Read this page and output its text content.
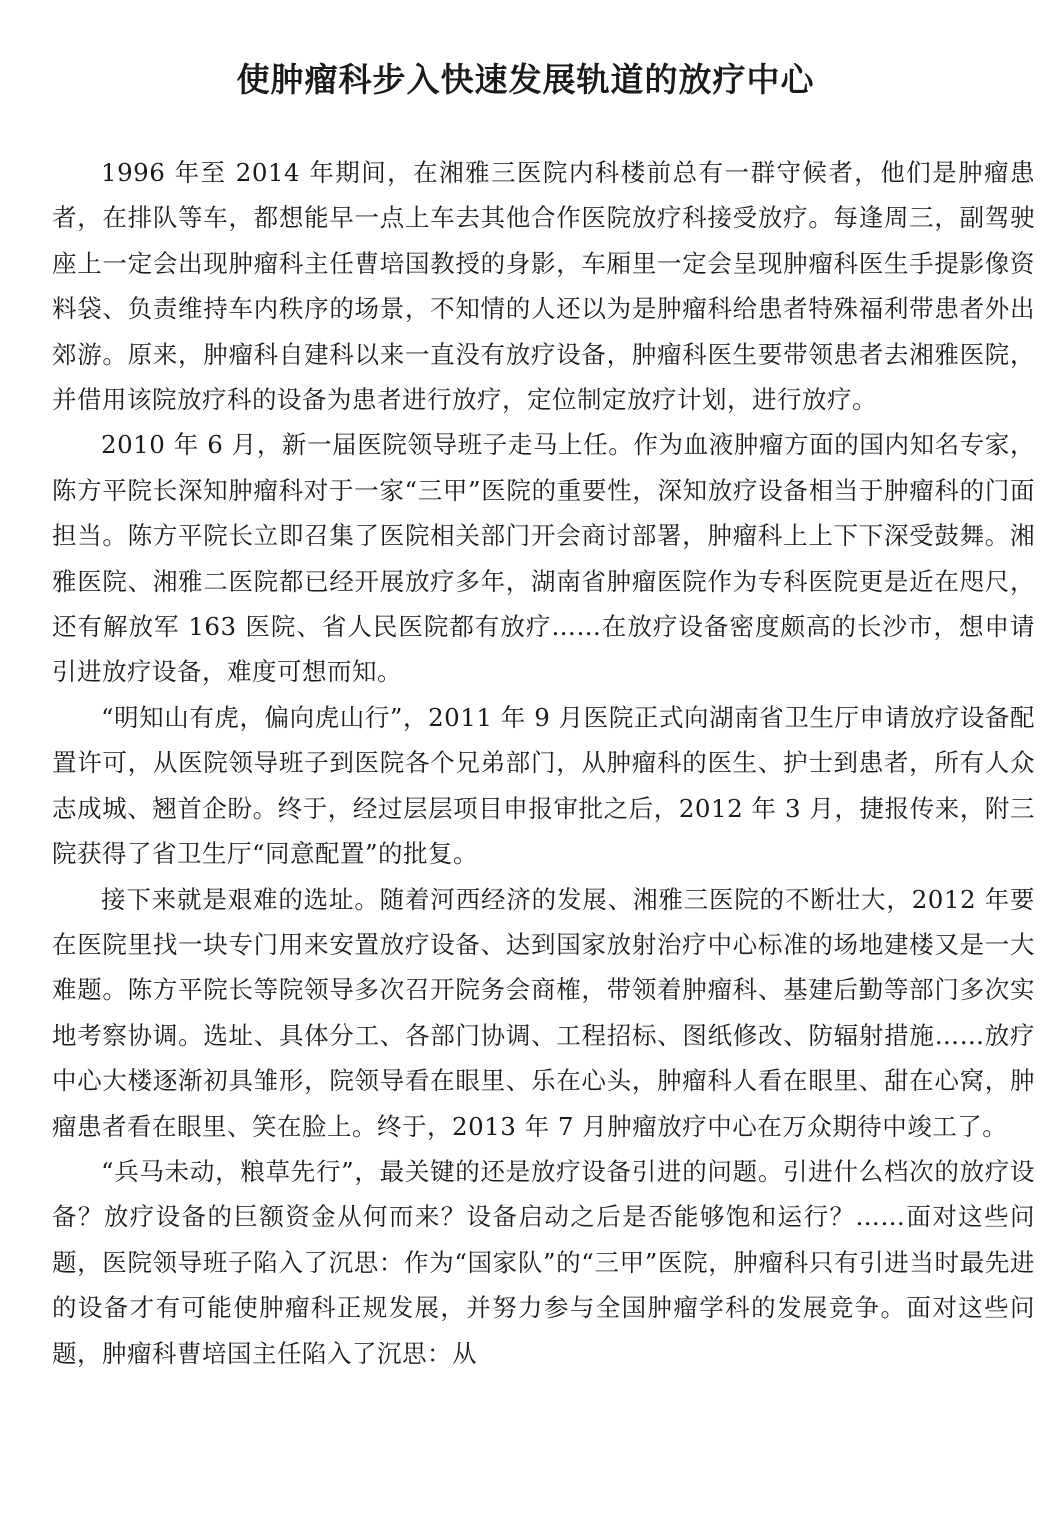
使肿瘤科步入快速发展轨道的放疗中心

1996 年至 2014 年期间，在湘雅三医院内科楼前总有一群守候者，他们是肿瘤患者，在排队等车，都想能早一点上车去其他合作医院放疗科接受放疗。每逢周三，副驾驶座上一定会出现肿瘤科主任曹培国教授的身影，车厢里一定会呈现肿瘤科医生手提影像资料袋、负责维持车内秩序的场景，不知情的人还以为是肿瘤科给患者特殊福利带患者外出郊游。原来，肿瘤科自建科以来一直没有放疗设备，肿瘤科医生要带领患者去湘雅医院，并借用该院放疗科的设备为患者进行放疗，定位制定放疗计划，进行放疗。

2010 年 6 月，新一届医院领导班子走马上任。作为血液肿瘤方面的国内知名专家，陈方平院长深知肿瘤科对于一家“三甲”医院的重要性，深知放疗设备相当于肿瘤科的门面担当。陈方平院长立即召集了医院相关部门开会商讨部署，肿瘤科上上下下深受鼓舞。湘雅医院、湘雅二医院都已经开展放疗多年，湖南省肿瘤医院作为专科医院更是近在咫尺，还有解放军 163 医院、省人民医院都有放疗……在放疗设备密度颇高的长沙市，想申请引进放疗设备，难度可想而知。

“明知山有虎，偏向虎山行”，2011 年 9 月医院正式向湖南省卫生厅申请放疗设备配置许可，从医院领导班子到医院各个兄弟部门，从肿瘤科的医生、护士到患者，所有人众志成城、翘首企盼。终于，经过层层项目申报审批之后，2012 年 3 月，捷报传来，附三院获得了省卫生厅“同意配置”的批复。

接下来就是艰难的选址。随着河西经济的发展、湘雅三医院的不断壮大，2012 年要在医院里找一块专门用来安置放疗设备、达到国家放射治疗中心标准的场地建楼又是一大难题。陈方平院长等院领导多次召开院务会商榷，带领着肿瘤科、基建后勤等部门多次实地考察协调。选址、具体分工、各部门协调、工程招标、图纸修改、防辐射措施……放疗中心大楼逐渐初具雏形，院领导看在眼里、乐在心头，肿瘤科人看在眼里、甜在心窝，肿瘤患者看在眼里、笑在脸上。终于，2013 年 7 月肿瘤放疗中心在万众期待中竣工了。

“兵马未动，粮草先行”，最关键的还是放疗设备引进的问题。引进什么档次的放疗设备？放疗设备的巨额资金从何而来？设备启动之后是否能够饱和运行？……面对这些问题，医院领导班子陷入了沉思：作为“国家队”的“三甲”医院，肿瘤科只有引进当时最先进的设备才有可能使肿瘤科正规发展，并努力参与全国肿瘤学科的发展竞争。面对这些问题，肿瘤科曹培国主任陷入了沉思：从
